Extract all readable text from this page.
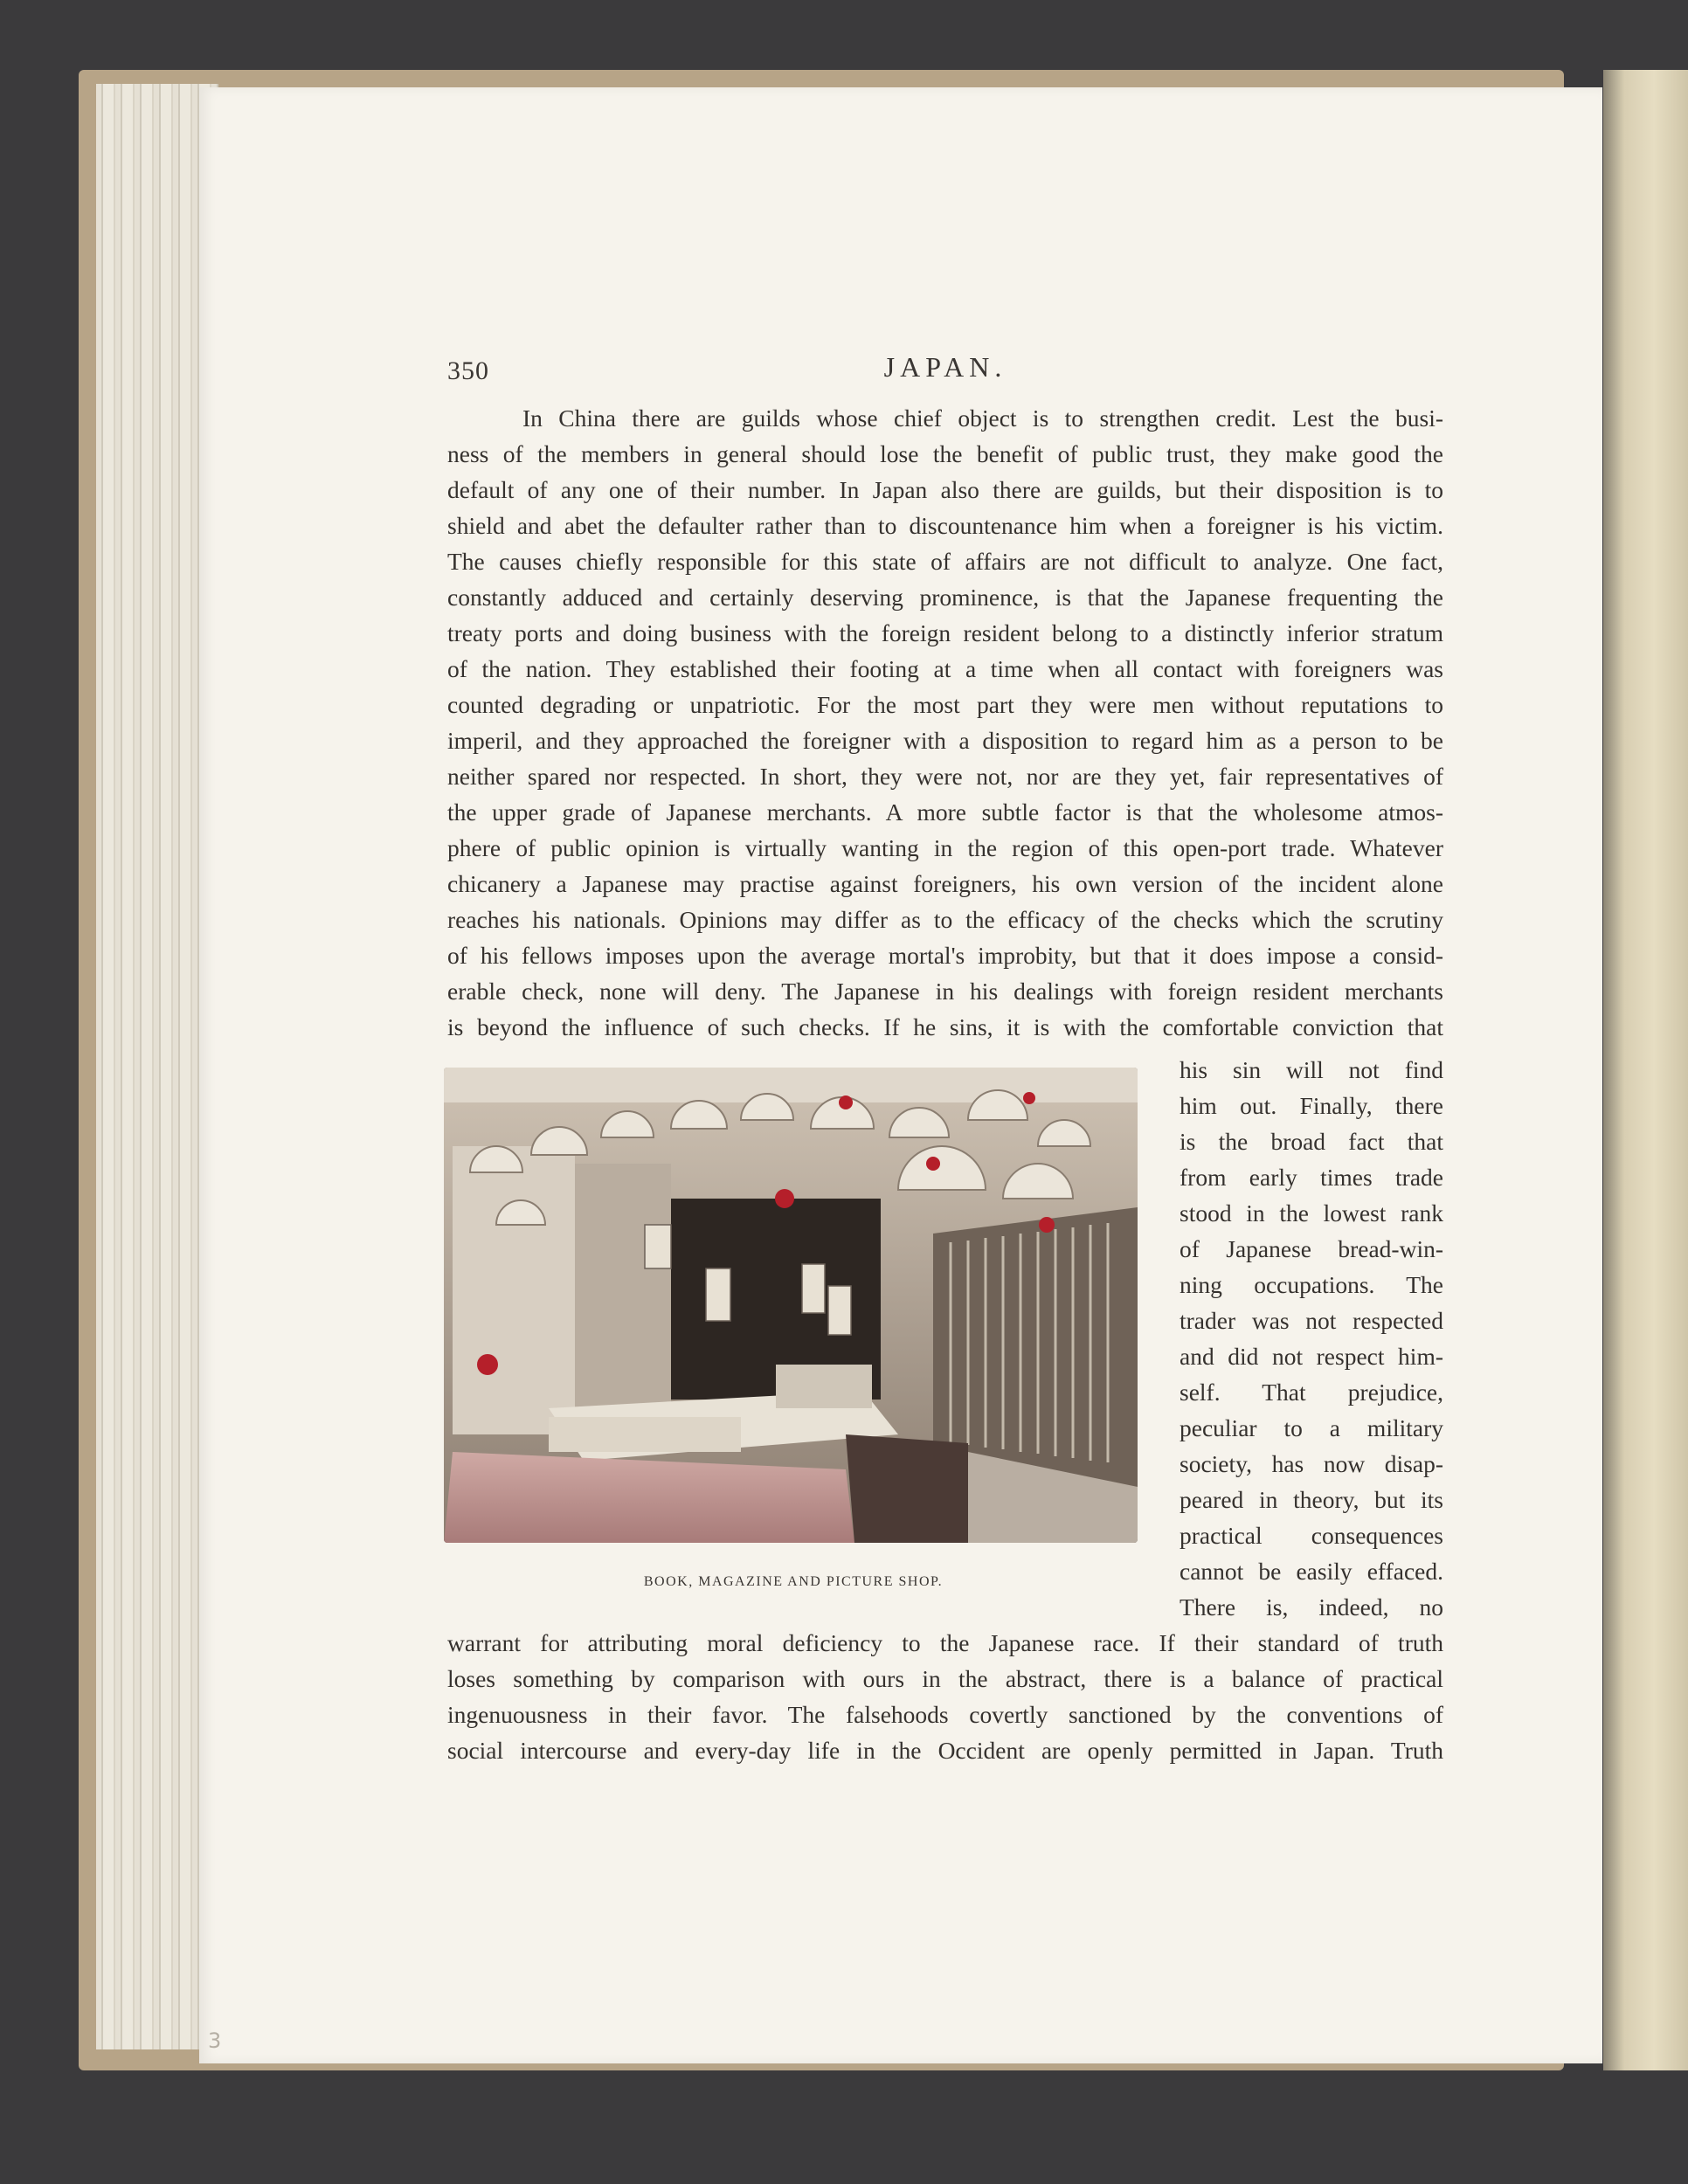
350	JAPAN.
In China there are guilds whose chief object is to strengthen credit. Lest the busi-
ness of the members in general should lose the benefit of public trust, they make good the
default of any one of their number. In Japan also there are guilds, but their disposition is to
shield and abet the defaulter rather than to discountenance him when a foreigner is his victim.
The causes chiefly responsible for this state of affairs are not difficult to analyze. One fact,
constantly adduced and certainly deserving prominence, is that the Japanese frequenting the
treaty ports and doing business with the foreign resident belong to a distinctly inferior stratum
of the nation. They established their footing at a time when all contact with foreigners was
counted degrading or unpatriotic. For the most part they were men without reputations to
imperil, and they approached the foreigner with a disposition to regard him as a person to be
neither spared nor respected. In short, they were not, nor are they yet, fair representatives of
the upper grade of Japanese merchants. A more subtle factor is that the wholesome atmos-
phere of public opinion is virtually wanting in the region of this open-port trade. Whatever
chicanery a Japanese may practise against foreigners, his own version of the incident alone
reaches his nationals. Opinions may differ as to the efficacy of the checks which the scrutiny
of his fellows imposes upon the average mortal's improbity, but that it does impose a consid-
erable check, none will deny. The Japanese in his dealings with foreign resident merchants
is beyond the influence of such checks. If he sins, it is with the comfortable conviction that
his sin will not find
him out. Finally, there
is the broad fact that
from early times trade
stood in the lowest rank
of Japanese bread-win-
ning occupations. The
trader was not respected
and did not respect him-
self. That prejudice,
peculiar to a military
society, has now disap-
peared in theory, but its
practical consequences
cannot be easily effaced.
There is, indeed, no
BOOK, MAGAZINE AND PICTURE SHOP.
warrant for attributing moral deficiency to the Japanese race. If their standard of truth
loses something by comparison with ours in the abstract, there is a balance of practical
ingenuousness in their favor. The falsehoods covertly sanctioned by the conventions of
social intercourse and every-day life in the Occident are openly permitted in Japan. Truth
3
